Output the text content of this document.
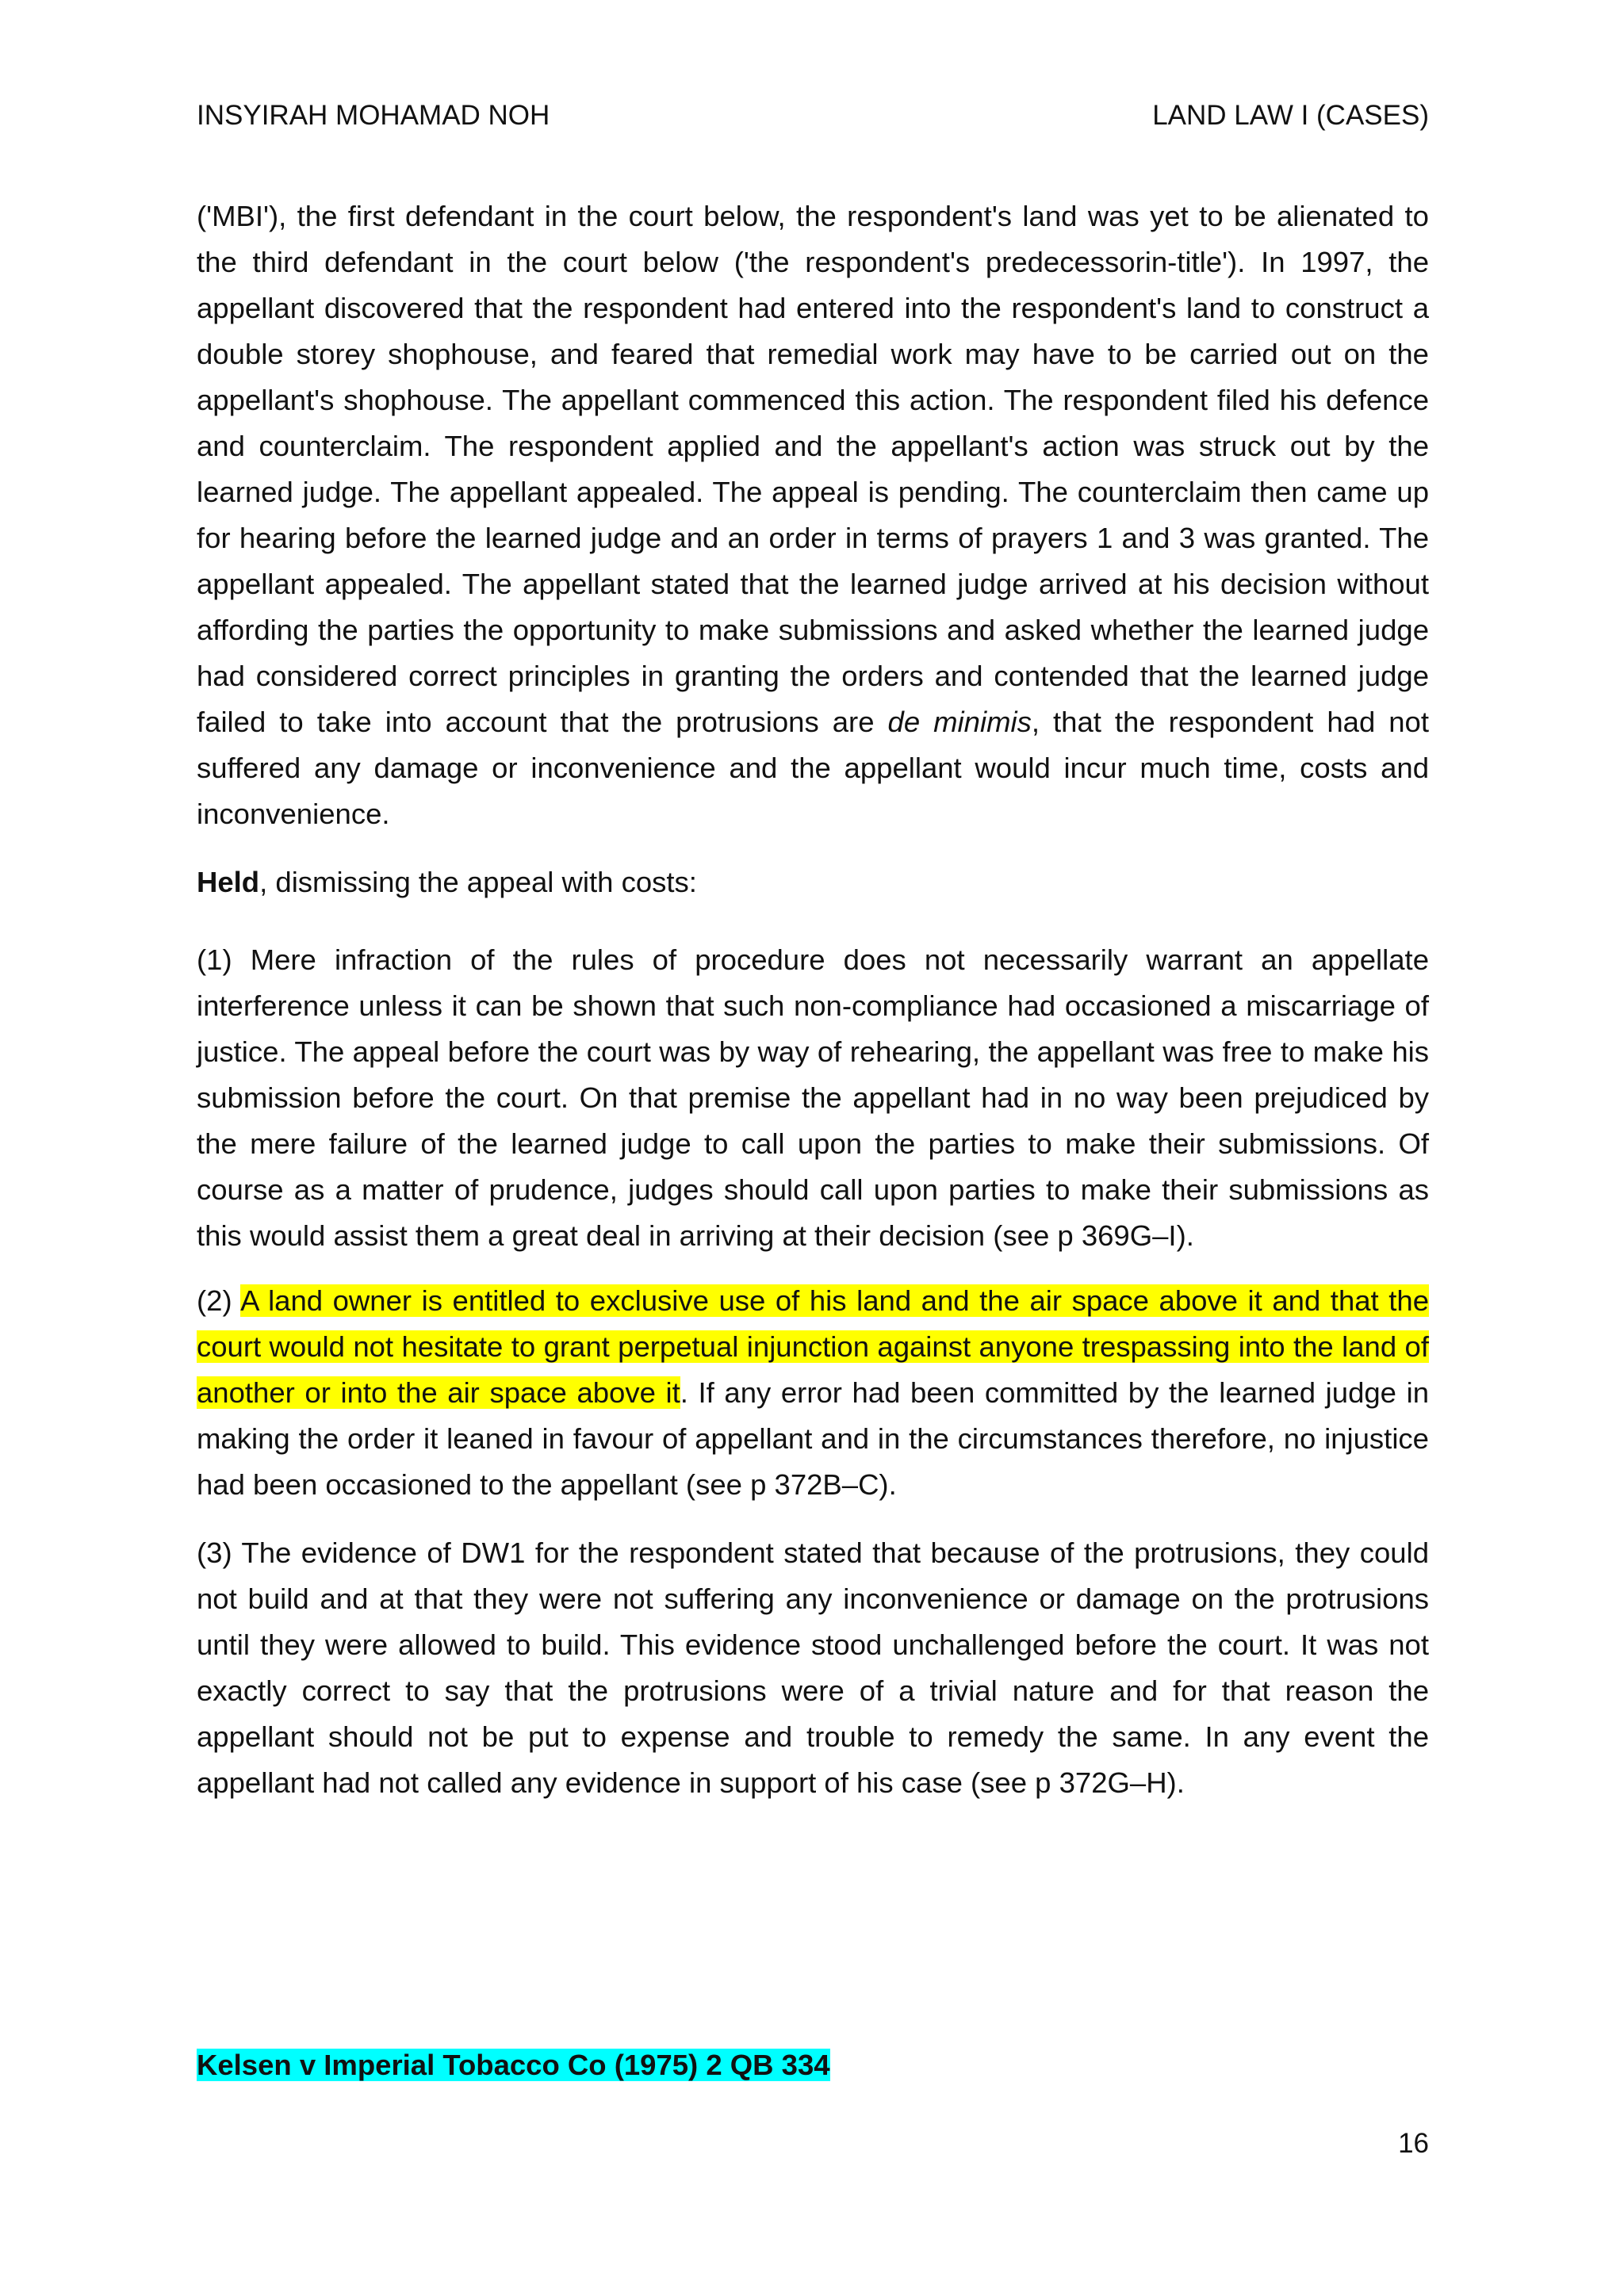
INSYIRAH MOHAMAD NOH	LAND LAW I (CASES)

('MBI'), the first defendant in the court below, the respondent's land was yet to be alienated to the third defendant in the court below ('the respondent's predecessorin-title'). In 1997, the appellant discovered that the respondent had entered into the respondent's land to construct a double storey shophouse, and feared that remedial work may have to be carried out on the appellant's shophouse. The appellant commenced this action. The respondent filed his defence and counterclaim. The respondent applied and the appellant's action was struck out by the learned judge. The appellant appealed. The appeal is pending. The counterclaim then came up for hearing before the learned judge and an order in terms of prayers 1 and 3 was granted. The appellant appealed. The appellant stated that the learned judge arrived at his decision without affording the parties the opportunity to make submissions and asked whether the learned judge had considered correct principles in granting the orders and contended that the learned judge failed to take into account that the protrusions are de minimis, that the respondent had not suffered any damage or inconvenience and the appellant would incur much time, costs and inconvenience.

Held, dismissing the appeal with costs:

(1) Mere infraction of the rules of procedure does not necessarily warrant an appellate interference unless it can be shown that such non-compliance had occasioned a miscarriage of justice. The appeal before the court was by way of rehearing, the appellant was free to make his submission before the court. On that premise the appellant had in no way been prejudiced by the mere failure of the learned judge to call upon the parties to make their submissions. Of course as a matter of prudence, judges should call upon parties to make their submissions as this would assist them a great deal in arriving at their decision (see p 369G–I).

(2) A land owner is entitled to exclusive use of his land and the air space above it and that the court would not hesitate to grant perpetual injunction against anyone trespassing into the land of another or into the air space above it. If any error had been committed by the learned judge in making the order it leaned in favour of appellant and in the circumstances therefore, no injustice had been occasioned to the appellant (see p 372B–C).

(3) The evidence of DW1 for the respondent stated that because of the protrusions, they could not build and at that they were not suffering any inconvenience or damage on the protrusions until they were allowed to build. This evidence stood unchallenged before the court. It was not exactly correct to say that the protrusions were of a trivial nature and for that reason the appellant should not be put to expense and trouble to remedy the same. In any event the appellant had not called any evidence in support of his case (see p 372G–H).

Kelsen v Imperial Tobacco Co (1975) 2 QB 334
16
